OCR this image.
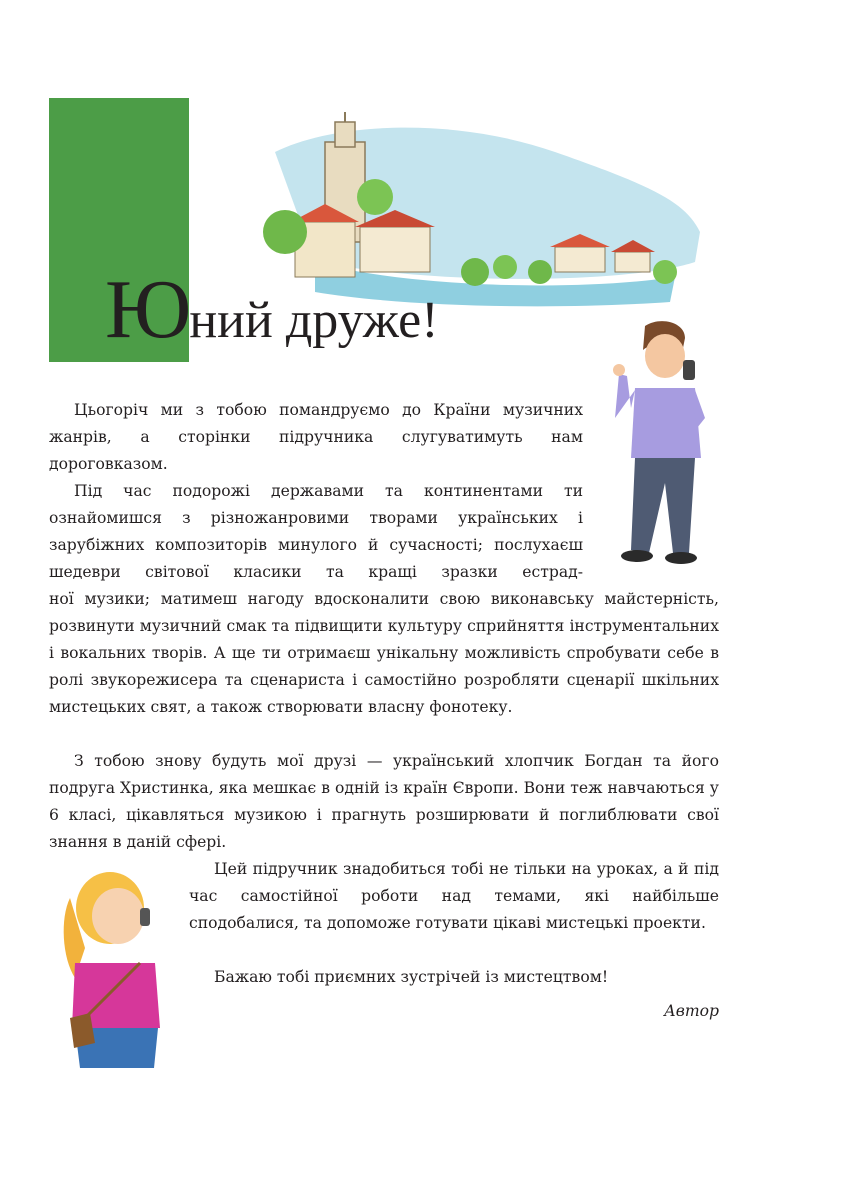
Юний друже!

Цьогоріч ми з тобою помандруємо до Країни музичних жанрів, а сторінки підручника слугуватимуть нам дороговказом.

Під час подорожі державами та континентами ти ознайомишся з різножанровими творами українських і зарубіжних композиторів минулого й сучасності; послухаєш шедеври світової класики та кращі зразки естрад-

ної музики; матимеш нагоду вдосконалити свою виконавську майстерність, розвинути музичний смак та підвищити культуру сприйняття інструментальних і вокальних творів. А ще ти отримаєш унікальну можливість спробувати себе в ролі звукорежисера та сценариста і самостійно розробляти сценарії шкільних мистецьких свят, а також створювати власну фонотеку.

З тобою знову будуть мої друзі — український хлопчик Богдан та його подруга Христинка, яка мешкає в одній із країн Європи. Вони теж навчаються у 6 класі, цікавляться музикою і прагнуть розширювати й поглиблювати свої знання в даній сфері.

Цей підручник знадобиться тобі не тільки на уроках, а й під час самостійної роботи над темами, які найбільше сподобалися, та допоможе готувати цікаві мистецькі проекти.

Бажаю тобі приємних зустрічей із мистецтвом!

Автор
